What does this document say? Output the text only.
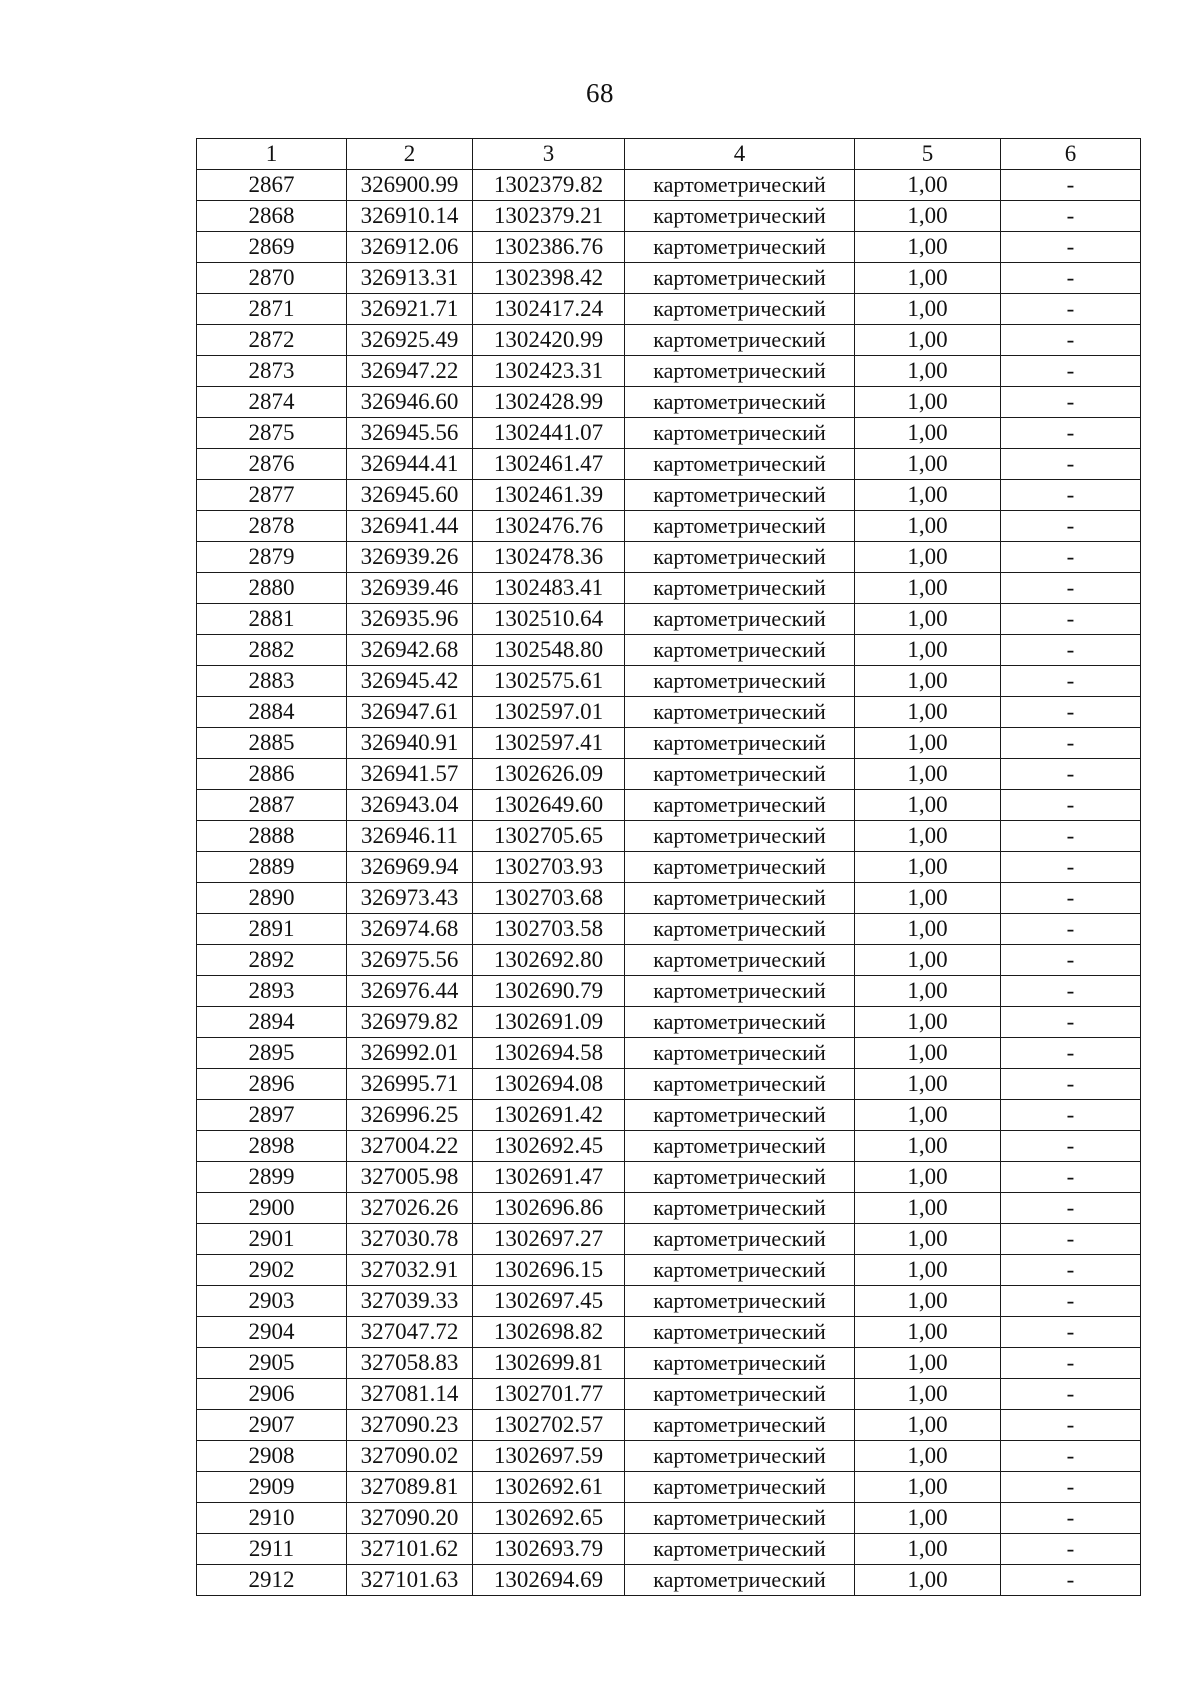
68
1	2	3	4	5	6
2867	326900.99	1302379.82	картометрический	1,00	-
2868	326910.14	1302379.21	картометрический	1,00	-
2869	326912.06	1302386.76	картометрический	1,00	-
2870	326913.31	1302398.42	картометрический	1,00	-
2871	326921.71	1302417.24	картометрический	1,00	-
2872	326925.49	1302420.99	картометрический	1,00	-
2873	326947.22	1302423.31	картометрический	1,00	-
2874	326946.60	1302428.99	картометрический	1,00	-
2875	326945.56	1302441.07	картометрический	1,00	-
2876	326944.41	1302461.47	картометрический	1,00	-
2877	326945.60	1302461.39	картометрический	1,00	-
2878	326941.44	1302476.76	картометрический	1,00	-
2879	326939.26	1302478.36	картометрический	1,00	-
2880	326939.46	1302483.41	картометрический	1,00	-
2881	326935.96	1302510.64	картометрический	1,00	-
2882	326942.68	1302548.80	картометрический	1,00	-
2883	326945.42	1302575.61	картометрический	1,00	-
2884	326947.61	1302597.01	картометрический	1,00	-
2885	326940.91	1302597.41	картометрический	1,00	-
2886	326941.57	1302626.09	картометрический	1,00	-
2887	326943.04	1302649.60	картометрический	1,00	-
2888	326946.11	1302705.65	картометрический	1,00	-
2889	326969.94	1302703.93	картометрический	1,00	-
2890	326973.43	1302703.68	картометрический	1,00	-
2891	326974.68	1302703.58	картометрический	1,00	-
2892	326975.56	1302692.80	картометрический	1,00	-
2893	326976.44	1302690.79	картометрический	1,00	-
2894	326979.82	1302691.09	картометрический	1,00	-
2895	326992.01	1302694.58	картометрический	1,00	-
2896	326995.71	1302694.08	картометрический	1,00	-
2897	326996.25	1302691.42	картометрический	1,00	-
2898	327004.22	1302692.45	картометрический	1,00	-
2899	327005.98	1302691.47	картометрический	1,00	-
2900	327026.26	1302696.86	картометрический	1,00	-
2901	327030.78	1302697.27	картометрический	1,00	-
2902	327032.91	1302696.15	картометрический	1,00	-
2903	327039.33	1302697.45	картометрический	1,00	-
2904	327047.72	1302698.82	картометрический	1,00	-
2905	327058.83	1302699.81	картометрический	1,00	-
2906	327081.14	1302701.77	картометрический	1,00	-
2907	327090.23	1302702.57	картометрический	1,00	-
2908	327090.02	1302697.59	картометрический	1,00	-
2909	327089.81	1302692.61	картометрический	1,00	-
2910	327090.20	1302692.65	картометрический	1,00	-
2911	327101.62	1302693.79	картометрический	1,00	-
2912	327101.63	1302694.69	картометрический	1,00	-
